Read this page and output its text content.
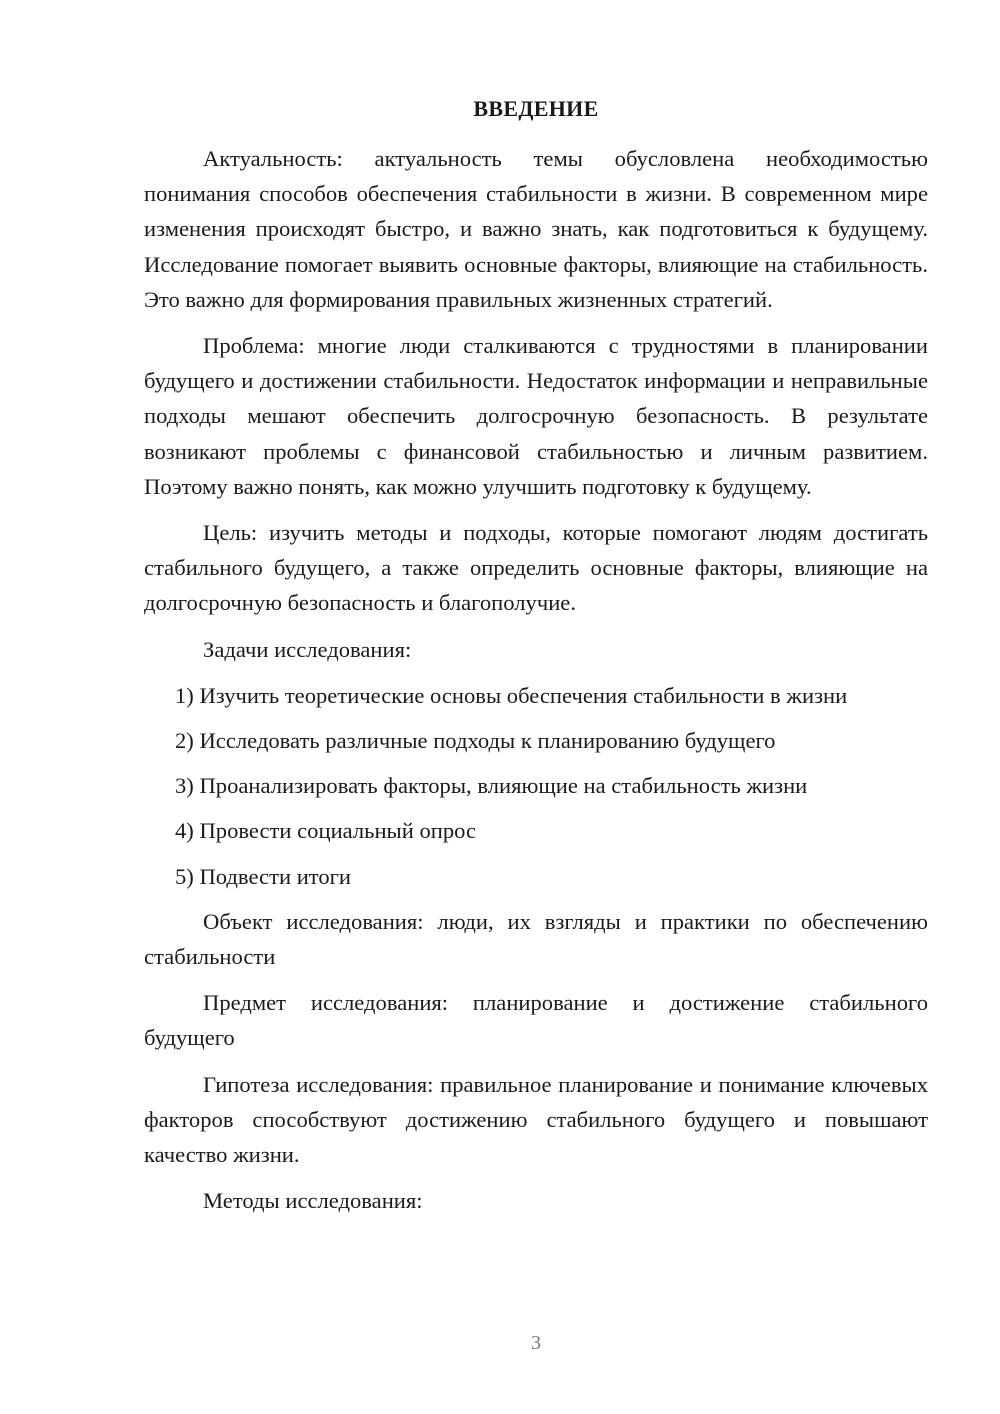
ВВЕДЕНИЕ

Актуальность: актуальность темы обусловлена необходимостью понимания способов обеспечения стабильности в жизни. В современном мире изменения происходят быстро, и важно знать, как подготовиться к будущему. Исследование помогает выявить основные факторы, влияющие на стабильность. Это важно для формирования правильных жизненных стратегий.

Проблема: многие люди сталкиваются с трудностями в планировании будущего и достижении стабильности. Недостаток информации и неправильные подходы мешают обеспечить долгосрочную безопасность. В результате возникают проблемы с финансовой стабильностью и личным развитием. Поэтому важно понять, как можно улучшить подготовку к будущему.

Цель: изучить методы и подходы, которые помогают людям достигать стабильного будущего, а также определить основные факторы, влияющие на долгосрочную безопасность и благополучие.

Задачи исследования:

1) Изучить теоретические основы обеспечения стабильности в жизни
2) Исследовать различные подходы к планированию будущего
3) Проанализировать факторы, влияющие на стабильность жизни
4) Провести социальный опрос
5) Подвести итоги

Объект исследования: люди, их взгляды и практики по обеспечению стабильности

Предмет исследования: планирование и достижение стабильного будущего

Гипотеза исследования: правильное планирование и понимание ключевых факторов способствуют достижению стабильного будущего и повышают качество жизни.

Методы исследования:

3
